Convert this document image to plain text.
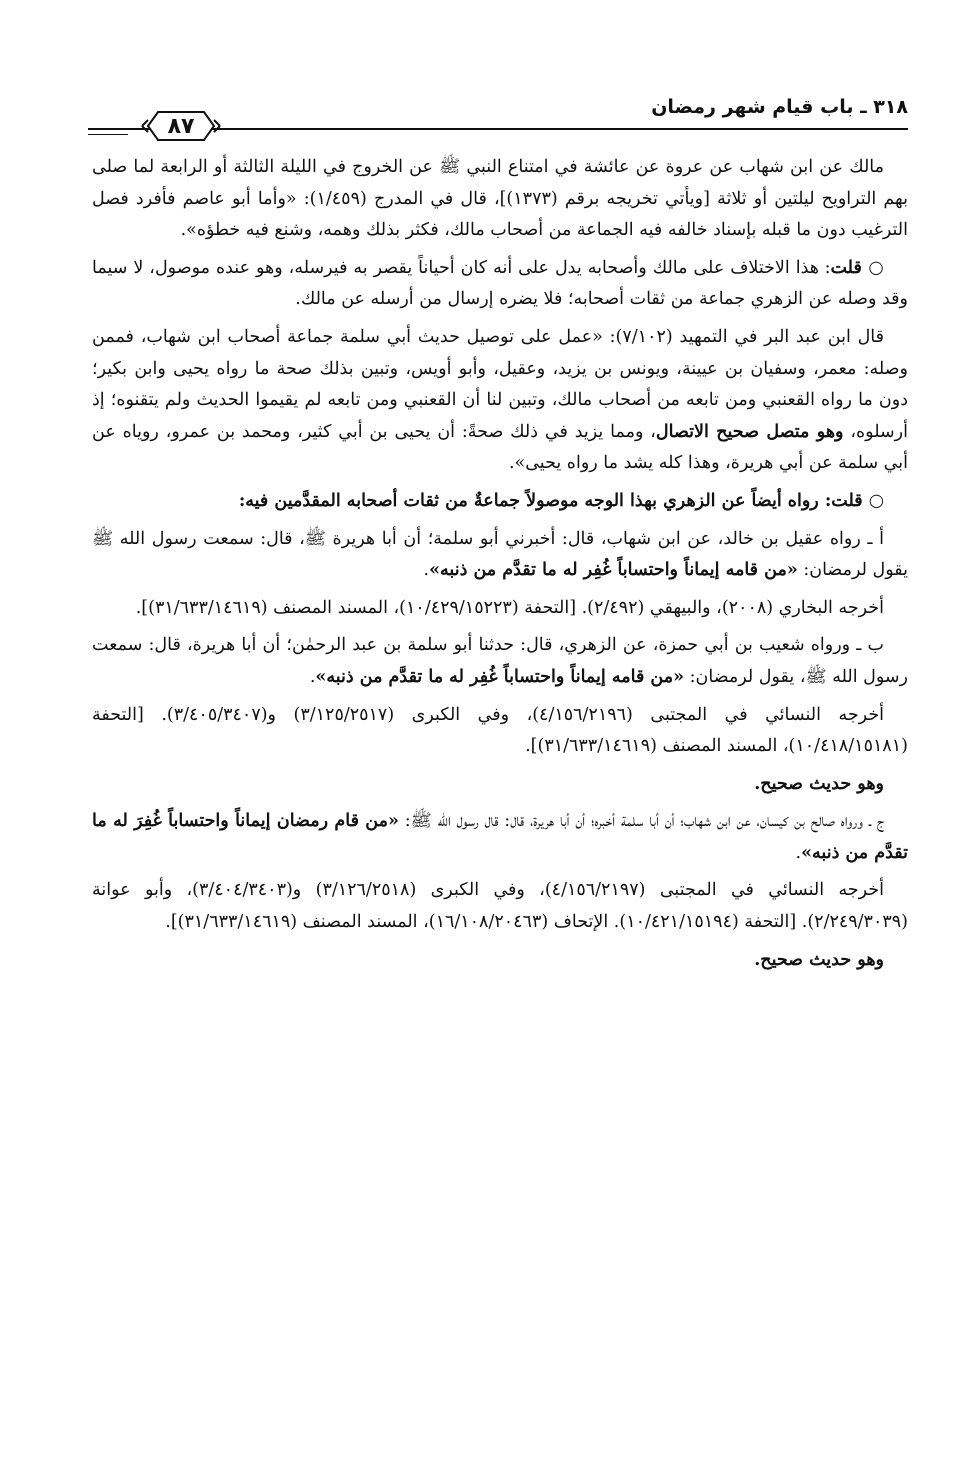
٣١٨ ـ باب قيام شهر رمضان
٨٧

مالك عن ابن شهاب عن عروة عن عائشة في امتناع النبي ﷺ عن الخروج في الليلة الثالثة أو الرابعة لما صلى بهم التراويح ليلتين أو ثلاثة [ويأتي تخريجه برقم (١٣٧٣)]، قال في المدرج (١/٤٥٩): «وأما أبو عاصم فأفرد فصل الترغيب دون ما قبله بإسناد خالفه فيه الجماعة من أصحاب مالك، فكثر بذلك وهمه، وشنع فيه خطؤه».

○ قلت: هذا الاختلاف على مالك وأصحابه يدل على أنه كان أحياناً يقصر به فيرسله، وهو عنده موصول، لا سيما وقد وصله عن الزهري جماعة من ثقات أصحابه؛ فلا يضره إرسال من أرسله عن مالك.

قال ابن عبد البر في التمهيد (٧/١٠٢): «عمل على توصيل حديث أبي سلمة جماعة أصحاب ابن شهاب، فممن وصله: معمر، وسفيان بن عيينة، ويونس بن يزيد، وعقيل، وأبو أويس، وتبين بذلك صحة ما رواه يحيى وابن بكير؛ دون ما رواه القعنبي ومن تابعه من أصحاب مالك، وتبين لنا أن القعنبي ومن تابعه لم يقيموا الحديث ولم يتقنوه؛ إذ أرسلوه، وهو متصل صحيح الاتصال، ومما يزيد في ذلك صحةً: أن يحيى بن أبي كثير، ومحمد بن عمرو، روياه عن أبي سلمة عن أبي هريرة، وهذا كله يشد ما رواه يحيى».

○ قلت: رواه أيضاً عن الزهري بهذا الوجه موصولاً جماعةٌ من ثقات أصحابه المقدَّمين فيه:

أ ـ رواه عقيل بن خالد، عن ابن شهاب، قال: أخبرني أبو سلمة؛ أن أبا هريرة ﷺ، قال: سمعت رسول الله ﷺ يقول لرمضان: «من قامه إيماناً واحتساباً غُفِر له ما تقدَّم من ذنبه».

أخرجه البخاري (٢٠٠٨)، والبيهقي (٢/٤٩٢). [التحفة (١٠/٤٢٩/١٥٢٢٣)، المسند المصنف (٣١/٦٣٣/١٤٦١٩)].

ب ـ ورواه شعيب بن أبي حمزة، عن الزهري، قال: حدثنا أبو سلمة بن عبد الرحمٰن؛ أن أبا هريرة، قال: سمعت رسول الله ﷺ، يقول لرمضان: «من قامه إيماناً واحتساباً غُفِر له ما تقدَّم من ذنبه».

أخرجه النسائي في المجتبى (٤/١٥٦/٢١٩٦)، وفي الكبرى (٣/١٢٥/٢٥١٧) و(٣/٤٠٥/٣٤٠٧). [التحفة (١٠/٤١٨/١٥١٨١)، المسند المصنف (٣١/٦٣٣/١٤٦١٩)].

وهو حديث صحيح.

ج ـ ورواه صالح بن كيسان، عن ابن شهاب؛ أن أبا سلمة أخبره؛ أن أبا هريرة، قال: قال رسول الله ﷺ: «من قام رمضان إيماناً واحتساباً غُفِرَ له ما تقدَّم من ذنبه».

أخرجه النسائي في المجتبى (٤/١٥٦/٢١٩٧)، وفي الكبرى (٣/١٢٦/٢٥١٨) و(٣/٤٠٤/٣٤٠٣)، وأبو عوانة (٢/٢٤٩/٣٠٣٩). [التحفة (١٠/٤٢١/١٥١٩٤). الإتحاف (١٦/١٠٨/٢٠٤٦٣)، المسند المصنف (٣١/٦٣٣/١٤٦١٩)].

وهو حديث صحيح.
